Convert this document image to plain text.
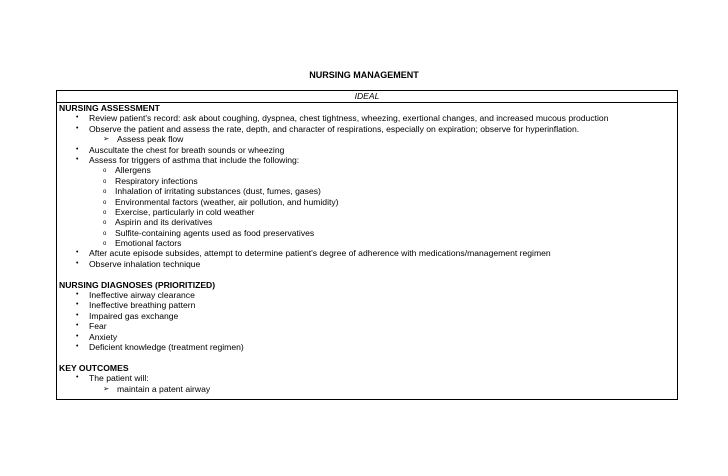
NURSING MANAGEMENT
IDEAL
NURSING ASSESSMENT
• Review patient's record: ask about coughing, dyspnea, chest tightness, wheezing, exertional changes, and increased mucous production
• Observe the patient and assess the rate, depth, and character of respirations, especially on expiration; observe for hyperinflation.
➢ Assess peak flow
• Auscultate the chest for breath sounds or wheezing
• Assess for triggers of asthma that include the following:
o Allergens
o Respiratory infections
o Inhalation of irritating substances (dust, fumes, gases)
o Environmental factors (weather, air pollution, and humidity)
o Exercise, particularly in cold weather
o Aspirin and its derivatives
o Sulfite-containing agents used as food preservatives
o Emotional factors
• After acute episode subsides, attempt to determine patient's degree of adherence with medications/management regimen
• Observe inhalation technique
NURSING DIAGNOSES (PRIORITIZED)
• Ineffective airway clearance
• Ineffective breathing pattern
• Impaired gas exchange
• Fear
• Anxiety
• Deficient knowledge (treatment regimen)
KEY OUTCOMES
• The patient will:
➢ maintain a patent airway
